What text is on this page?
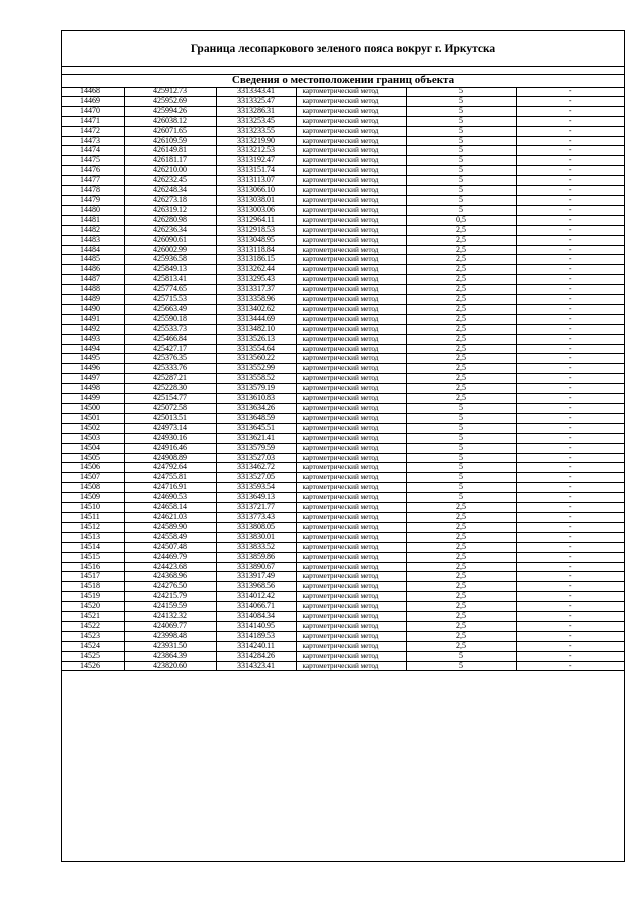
Граница лесопаркового зеленого пояса вокруг г. Иркутска
Сведения о местоположении границ объекта
14468	425912.73	3313343.41	картометрический метод	5	-
14469	425952.69	3313325.47	картометрический метод	5	-
14470	425994.26	3313286.31	картометрический метод	5	-
14471	426038.12	3313253.45	картометрический метод	5	-
14472	426071.65	3313233.55	картометрический метод	5	-
14473	426109.59	3313219.90	картометрический метод	5	-
14474	426149.81	3313212.53	картометрический метод	5	-
14475	426181.17	3313192.47	картометрический метод	5	-
14476	426210.00	3313151.74	картометрический метод	5	-
14477	426232.45	3313113.07	картометрический метод	5	-
14478	426248.34	3313066.10	картометрический метод	5	-
14479	426273.18	3313038.01	картометрический метод	5	-
14480	426319.12	3313003.06	картометрический метод	5	-
14481	426280.98	3312964.11	картометрический метод	0,5	-
14482	426236.34	3312918.53	картометрический метод	2,5	-
14483	426090.61	3313048.95	картометрический метод	2,5	-
14484	426002.99	3313118.84	картометрический метод	2,5	-
14485	425936.58	3313186.15	картометрический метод	2,5	-
14486	425849.13	3313262.44	картометрический метод	2,5	-
14487	425813.41	3313295.43	картометрический метод	2,5	-
14488	425774.65	3313317.37	картометрический метод	2,5	-
14489	425715.53	3313358.96	картометрический метод	2,5	-
14490	425663.49	3313402.62	картометрический метод	2,5	-
14491	425590.18	3313444.69	картометрический метод	2,5	-
14492	425533.73	3313482.10	картометрический метод	2,5	-
14493	425466.84	3313526.13	картометрический метод	2,5	-
14494	425427.17	3313554.64	картометрический метод	2,5	-
14495	425376.35	3313560.22	картометрический метод	2,5	-
14496	425333.76	3313552.99	картометрический метод	2,5	-
14497	425287.21	3313558.52	картометрический метод	2,5	-
14498	425228.30	3313579.19	картометрический метод	2,5	-
14499	425154.77	3313610.83	картометрический метод	2,5	-
14500	425072.58	3313634.26	картометрический метод	5	-
14501	425013.51	3313648.59	картометрический метод	5	-
14502	424973.14	3313645.51	картометрический метод	5	-
14503	424930.16	3313621.41	картометрический метод	5	-
14504	424916.46	3313579.59	картометрический метод	5	-
14505	424908.89	3313527.03	картометрический метод	5	-
14506	424792.64	3313462.72	картометрический метод	5	-
14507	424755.81	3313527.05	картометрический метод	5	-
14508	424716.91	3313593.54	картометрический метод	5	-
14509	424690.53	3313649.13	картометрический метод	5	-
14510	424658.14	3313721.77	картометрический метод	2,5	-
14511	424621.03	3313773.43	картометрический метод	2,5	-
14512	424589.90	3313808.05	картометрический метод	2,5	-
14513	424558.49	3313830.01	картометрический метод	2,5	-
14514	424507.48	3313833.52	картометрический метод	2,5	-
14515	424469.79	3313859.86	картометрический метод	2,5	-
14516	424423.68	3313890.67	картометрический метод	2,5	-
14517	424368.96	3313917.49	картометрический метод	2,5	-
14518	424276.50	3313968.56	картометрический метод	2,5	-
14519	424215.79	3314012.42	картометрический метод	2,5	-
14520	424159.59	3314066.71	картометрический метод	2,5	-
14521	424132.32	3314084.34	картометрический метод	2,5	-
14522	424069.77	3314140.95	картометрический метод	2,5	-
14523	423998.48	3314189.53	картометрический метод	2,5	-
14524	423931.50	3314240.11	картометрический метод	2,5	-
14525	423864.39	3314284.26	картометрический метод	5	-
14526	423820.60	3314323.41	картометрический метод	5	-
